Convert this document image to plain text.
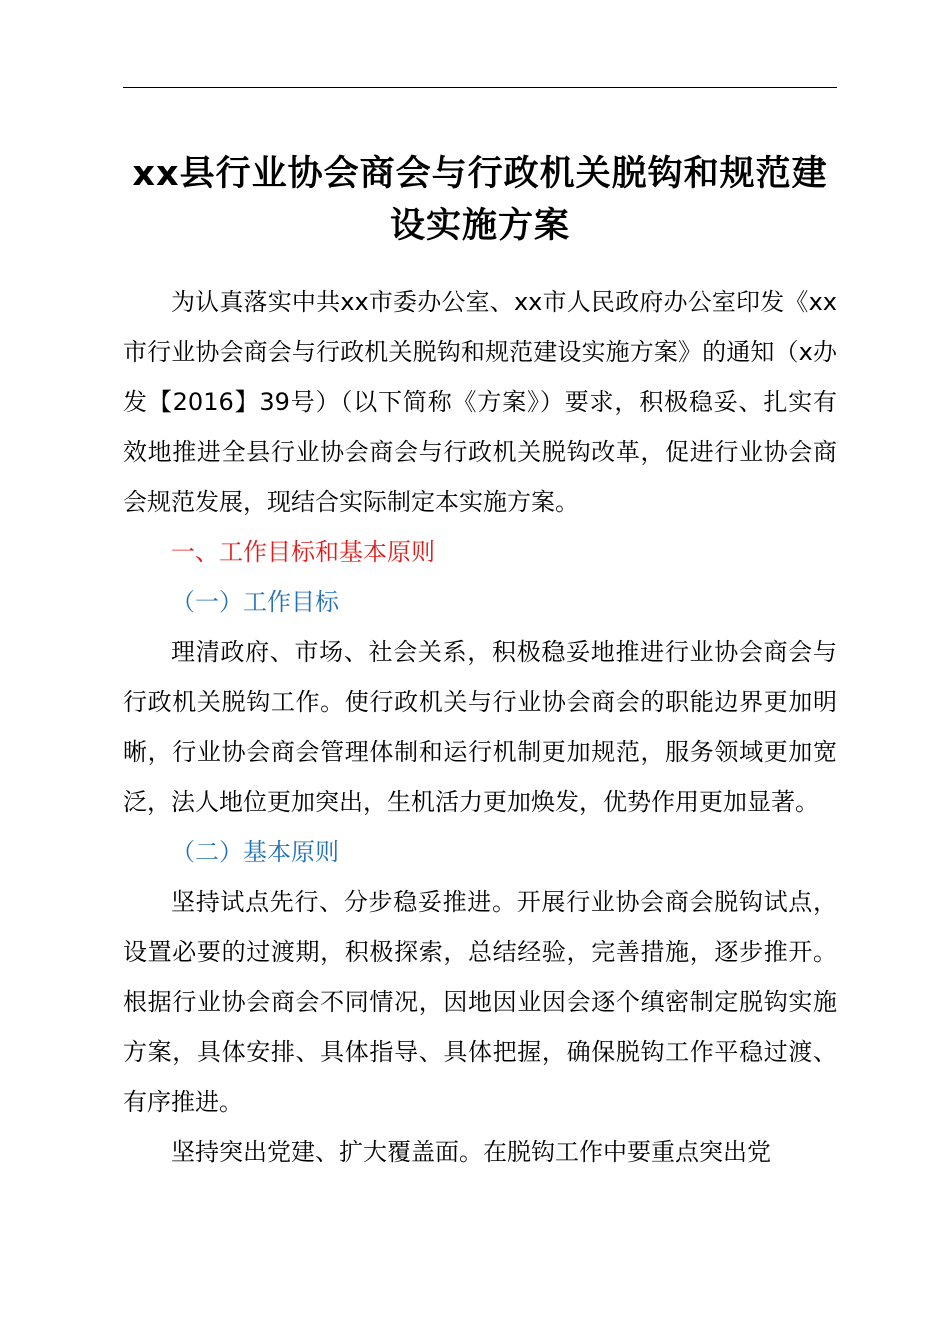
xx县行业协会商会与行政机关脱钩和规范建
设实施方案

为认真落实中共xx市委办公室、xx市人民政府办公室印发《xx市行业协会商会与行政机关脱钩和规范建设实施方案》的通知（x办发【2016】39号）（以下简称《方案》）要求，积极稳妥、扎实有效地推进全县行业协会商会与行政机关脱钩改革，促进行业协会商会规范发展，现结合实际制定本实施方案。

一、工作目标和基本原则

（一）工作目标

理清政府、市场、社会关系，积极稳妥地推进行业协会商会与行政机关脱钩工作。使行政机关与行业协会商会的职能边界更加明晰，行业协会商会管理体制和运行机制更加规范，服务领域更加宽泛，法人地位更加突出，生机活力更加焕发，优势作用更加显著。

（二）基本原则

坚持试点先行、分步稳妥推进。开展行业协会商会脱钩试点，设置必要的过渡期，积极探索，总结经验，完善措施，逐步推开。根据行业协会商会不同情况，因地因业因会逐个缜密制定脱钩实施方案，具体安排、具体指导、具体把握，确保脱钩工作平稳过渡、有序推进。

坚持突出党建、扩大覆盖面。在脱钩工作中要重点突出党
